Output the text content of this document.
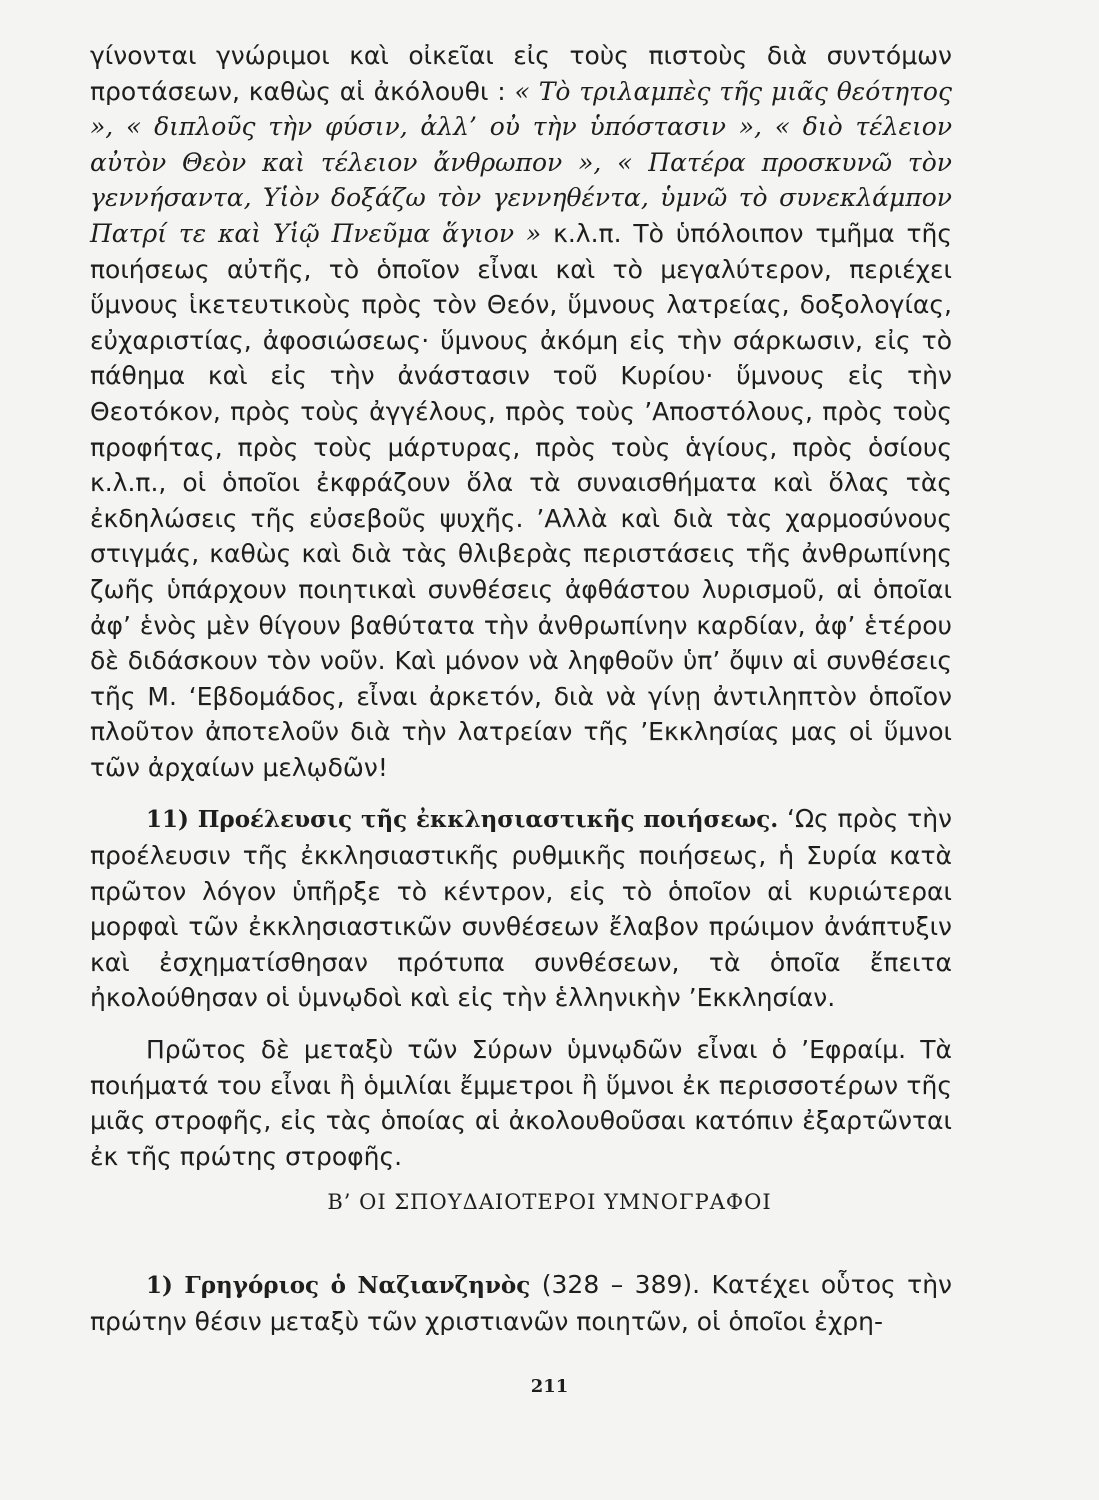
γίνονται γνώριμοι καὶ οἰκεῖαι εἰς τοὺς πιστοὺς διὰ συντόμων προτάσεων, καθὼς αἱ ἀκόλουθι : « Τὸ τριλαμπὲς τῆς μιᾶς θεότητος », « διπλοῦς τὴν φύσιν, ἀλλ’ οὐ τὴν ὑπόστασιν », « διὸ τέλειον αὐτὸν Θεὸν καὶ τέλειον ἄνθρωπον », « Πατέρα προσκυνῶ τὸν γεννήσαντα, Υἱὸν δοξάζω τὸν γεννηθέντα, ὑμνῶ τὸ συνεκλάμπον Πατρί τε καὶ Υἱῷ Πνεῦμα ἅγιον » κ.λ.π. Τὸ ὑπόλοιπον τμῆμα τῆς ποιήσεως αὐτῆς, τὸ ὁποῖον εἶναι καὶ τὸ μεγαλύτερον, περιέχει ὕμνους ἱκετευτικοὺς πρὸς τὸν Θεόν, ὕμνους λατρείας, δοξολογίας, εὐχαριστίας, ἀφοσιώσεως· ὕμνους ἀκόμη εἰς τὴν σάρκωσιν, εἰς τὸ πάθημα καὶ εἰς τὴν ἀνάστασιν τοῦ Κυρίου· ὕμνους εἰς τὴν Θεοτόκον, πρὸς τοὺς ἀγγέλους, πρὸς τοὺς ’Αποστόλους, πρὸς τοὺς προφήτας, πρὸς τοὺς μάρτυρας, πρὸς τοὺς ἁγίους, πρὸς ὁσίους κ.λ.π., οἱ ὁποῖοι ἐκφράζουν ὅλα τὰ συναισθήματα καὶ ὅλας τὰς ἐκδηλώσεις τῆς εὐσεβοῦς ψυχῆς. ’Αλλὰ καὶ διὰ τὰς χαρμοσύνους στιγμάς, καθὼς καὶ διὰ τὰς θλιβερὰς περιστάσεις τῆς ἀνθρωπίνης ζωῆς ὑπάρχουν ποιητικαὶ συνθέσεις ἀφθάστου λυρισμοῦ, αἱ ὁποῖαι ἀφ’ ἑνὸς μὲν θίγουν βαθύτατα τὴν ἀνθρωπίνην καρδίαν, ἀφ’ ἑτέρου δὲ διδάσκουν τὸν νοῦν. Καὶ μόνον νὰ ληφθοῦν ὑπ’ ὄψιν αἱ συνθέσεις τῆς Μ. ‘Εβδομάδος, εἶναι ἀρκετόν, διὰ νὰ γίνῃ ἀντιληπτὸν ὁποῖον πλοῦτον ἀποτελοῦν διὰ τὴν λατρείαν τῆς ’Εκκλησίας μας οἱ ὕμνοι τῶν ἀρχαίων μελῳδῶν!

11) Προέλευσις τῆς ἐκκλησιαστικῆς ποιήσεως. ‘Ως πρὸς τὴν προέλευσιν τῆς ἐκκλησιαστικῆς ρυθμικῆς ποιήσεως, ἡ Συρία κατὰ πρῶτον λόγον ὑπῆρξε τὸ κέντρον, εἰς τὸ ὁποῖον αἱ κυριώτεραι μορφαὶ τῶν ἐκκλησιαστικῶν συνθέσεων ἔλαβον πρώιμον ἀνάπτυξιν καὶ ἐσχηματίσθησαν πρότυπα συνθέσεων, τὰ ὁποῖα ἔπειτα ἠκολούθησαν οἱ ὑμνῳδοὶ καὶ εἰς τὴν ἑλληνικὴν ’Εκκλησίαν.

Πρῶτος δὲ μεταξὺ τῶν Σύρων ὑμνῳδῶν εἶναι ὁ ’Εφραίμ. Τὰ ποιήματά του εἶναι ἢ ὁμιλίαι ἔμμετροι ἢ ὕμνοι ἐκ περισσοτέρων τῆς μιᾶς στροφῆς, εἰς τὰς ὁποίας αἱ ἀκολουθοῦσαι κατόπιν ἐξαρτῶνται ἐκ τῆς πρώτης στροφῆς.

Β’ ΟΙ ΣΠΟΥΔΑΙΟΤΕΡΟΙ ΥΜΝΟΓΡΑΦΟΙ

1) Γρηγόριος ὁ Ναζιανζηνὸς (328 – 389). Κατέχει οὗτος τὴν πρώτην θέσιν μεταξὺ τῶν χριστιανῶν ποιητῶν, οἱ ὁποῖοι ἐχρη-

211
